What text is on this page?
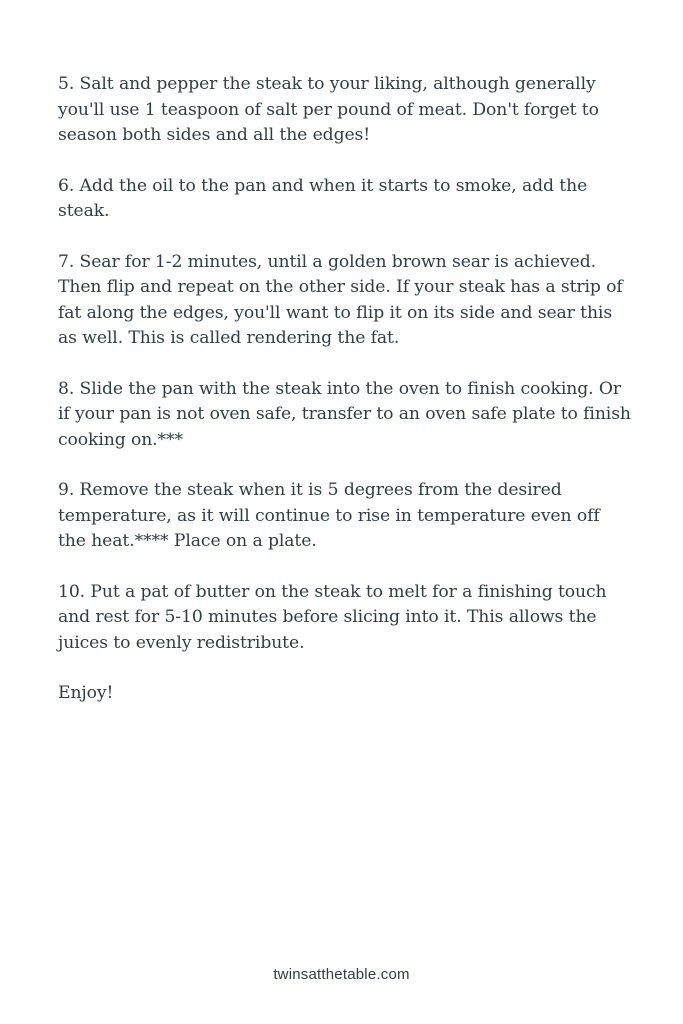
5. Salt and pepper the steak to your liking, although generally you'll use 1 teaspoon of salt per pound of meat. Don't forget to season both sides and all the edges!

6. Add the oil to the pan and when it starts to smoke, add the steak.

7. Sear for 1-2 minutes, until a golden brown sear is achieved. Then flip and repeat on the other side. If your steak has a strip of fat along the edges, you'll want to flip it on its side and sear this as well. This is called rendering the fat.

8. Slide the pan with the steak into the oven to finish cooking. Or if your pan is not oven safe, transfer to an oven safe plate to finish cooking on.***

9. Remove the steak when it is 5 degrees from the desired temperature, as it will continue to rise in temperature even off the heat.**** Place on a plate.

10. Put a pat of butter on the steak to melt for a finishing touch and rest for 5-10 minutes before slicing into it. This allows the juices to evenly redistribute.

Enjoy!

twinsatthetable.com
